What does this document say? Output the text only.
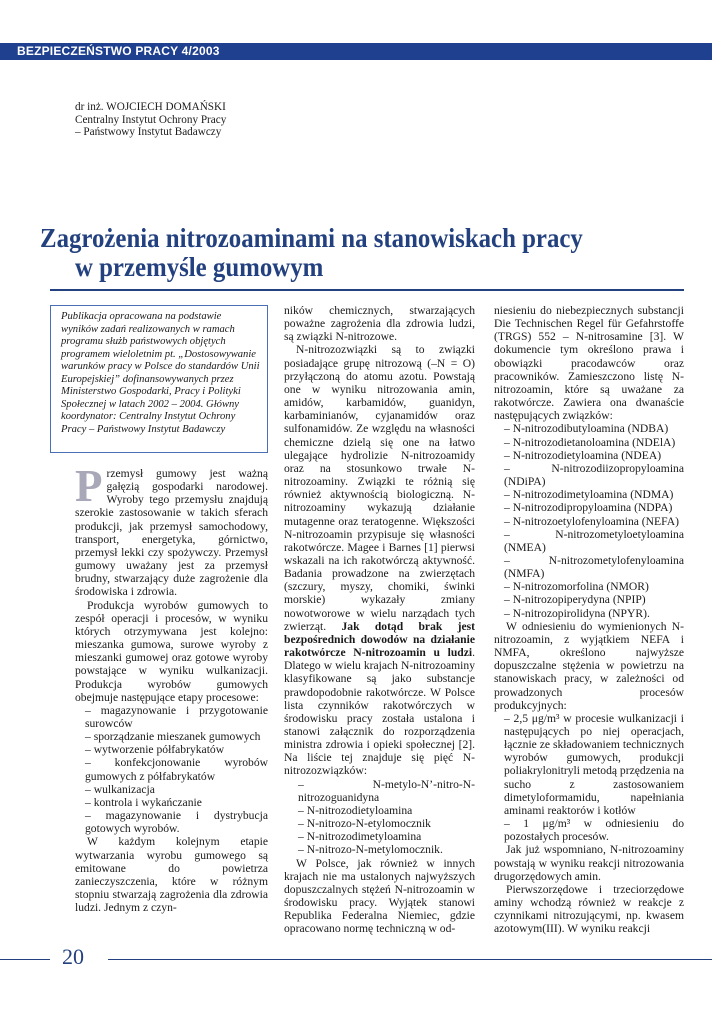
BEZPIECZEŃSTWO PRACY 4/2003
dr inż. WOJCIECH DOMAŃSKI
Centralny Instytut Ochrony Pracy
– Państwowy Instytut Badawczy
Zagrożenia nitrozoaminami na stanowiskach pracy
w przemyśle gumowym
Publikacja opracowana na podstawie wyników zadań realizowanych w ramach programu służb państwowych objętych programem wieloletnim pt. „Dostosowywanie warunków pracy w Polsce do standardów Unii Europejskiej” dofinansowywanych przez Ministerstwo Gospodarki, Pracy i Polityki Społecznej w latach 2002 – 2004. Główny koordynator: Centralny Instytut Ochrony Pracy – Państwowy Instytut Badawczy

Przemysł gumowy jest ważną gałęzią gospodarki narodowej. Wyroby tego przemysłu znajdują szerokie zastosowanie w takich sferach produkcji, jak przemysł samochodowy, transport, energetyka, górnictwo, przemysł lekki czy spożywczy. Przemysł gumowy uważany jest za przemysł brudny, stwarzający duże zagrożenie dla środowiska i zdrowia.

Produkcja wyrobów gumowych to zespół operacji i procesów, w wyniku których otrzymywana jest kolejno: mieszanka gumowa, surowe wyroby z mieszanki gumowej oraz gotowe wyroby powstające w wyniku wulkanizacji. Produkcja wyrobów gumowych obejmuje następujące etapy procesowe:

– magazynowanie i przygotowanie surowców

– sporządzanie mieszanek gumowych

– wytworzenie półfabrykatów

– konfekcjonowanie wyrobów gumowych z półfabrykatów

– wulkanizacja

– kontrola i wykańczanie

– magazynowanie i dystrybucja gotowych wyrobów.

W każdym kolejnym etapie wytwarzania wyrobu gumowego są emitowane do powietrza zanieczyszczenia, które w różnym stopniu stwarzają zagrożenia dla zdrowia ludzi. Jednym z czyn-

ników chemicznych, stwarzających poważne zagrożenia dla zdrowia ludzi, są związki N-nitrozowe.

N-nitrozozwiązki są to związki posiadające grupę nitrozową (–N = O) przyłączoną do atomu azotu. Powstają one w wyniku nitrozowania amin, amidów, karbamidów, guanidyn, karbaminianów, cyjanamidów oraz sulfonamidów. Ze względu na własności chemiczne dzielą się one na łatwo ulegające hydrolizie N-nitrozoamidy oraz na stosunkowo trwałe N-nitrozoaminy. Związki te różnią się również aktywnością biologiczną. N-nitrozoaminy wykazują działanie mutagenne oraz teratogenne. Większości N-nitrozoamin przypisuje się własności rakotwórcze. Magee i Barnes [1] pierwsi wskazali na ich rakotwórczą aktywność. Badania prowadzone na zwierzętach (szczury, myszy, chomiki, świnki morskie) wykazały zmiany nowotworowe w wielu narządach tych zwierząt. Jak dotąd brak jest bezpośrednich dowodów na działanie rakotwórcze N-nitrozoamin u ludzi. Dlatego w wielu krajach N-nitrozoaminy klasyfikowane są jako substancje prawdopodobnie rakotwórcze. W Polsce lista czynników rakotwórczych w środowisku pracy została ustalona i stanowi załącznik do rozporządzenia ministra zdrowia i opieki społecznej [2]. Na liście tej znajduje się pięć N-nitrozozwiązków:

– N-metylo-N’-nitro-N-nitrozoguanidyna

– N-nitrozodietyloamina

– N-nitrozo-N-etylomocznik

– N-nitrozodimetyloamina

– N-nitrozo-N-metylomocznik.

W Polsce, jak również w innych krajach nie ma ustalonych najwyższych dopuszczalnych stężeń N-nitrozoamin w środowisku pracy. Wyjątek stanowi Republika Federalna Niemiec, gdzie opracowano normę techniczną w od-

niesieniu do niebezpiecznych substancji Die Technischen Regel für Gefahrstoffe (TRGS) 552 – N-nitrosamine [3]. W dokumencie tym określono prawa i obowiązki pracodawców oraz pracowników. Zamieszczono listę N-nitrozoamin, które są uważane za rakotwórcze. Zawiera ona dwanaście następujących związków:

– N-nitrozodibutyloamina (NDBA)

– N-nitrozodietanoloamina (NDElA)

– N-nitrozodietyloamina (NDEA)

– N-nitrozodiizopropyloamina (NDiPA)

– N-nitrozodimetyloamina (NDMA)

– N-nitrozodipropyloamina (NDPA)

– N-nitrozoetylofenyloamina (NEFA)

– N-nitrozometyloetyloamina (NMEA)

– N-nitrozometylofenyloamina (NMFA)

– N-nitrozomorfolina (NMOR)

– N-nitrozopiperydyna (NPIP)

– N-nitrozopirolidyna (NPYR).

W odniesieniu do wymienionych N-nitrozoamin, z wyjątkiem NEFA i NMFA, określono najwyższe dopuszczalne stężenia w powietrzu na stanowiskach pracy, w zależności od prowadzonych procesów produkcyjnych:

– 2,5 μg/m³ w procesie wulkanizacji i następujących po niej operacjach, łącznie ze składowaniem technicznych wyrobów gumowych, produkcji poliakrylonitryli metodą przędzenia na sucho z zastosowaniem dimetyloformamidu, napełniania aminami reaktorów i kotłów

– 1 μg/m³ w odniesieniu do pozostałych procesów.

Jak już wspomniano, N-nitrozoaminy powstają w wyniku reakcji nitrozowania drugorzędowych amin.

Pierwszorzędowe i trzeciorzędowe aminy wchodzą również w reakcje z czynnikami nitrozującymi, np. kwasem azotowym(III). W wyniku reakcji

20
